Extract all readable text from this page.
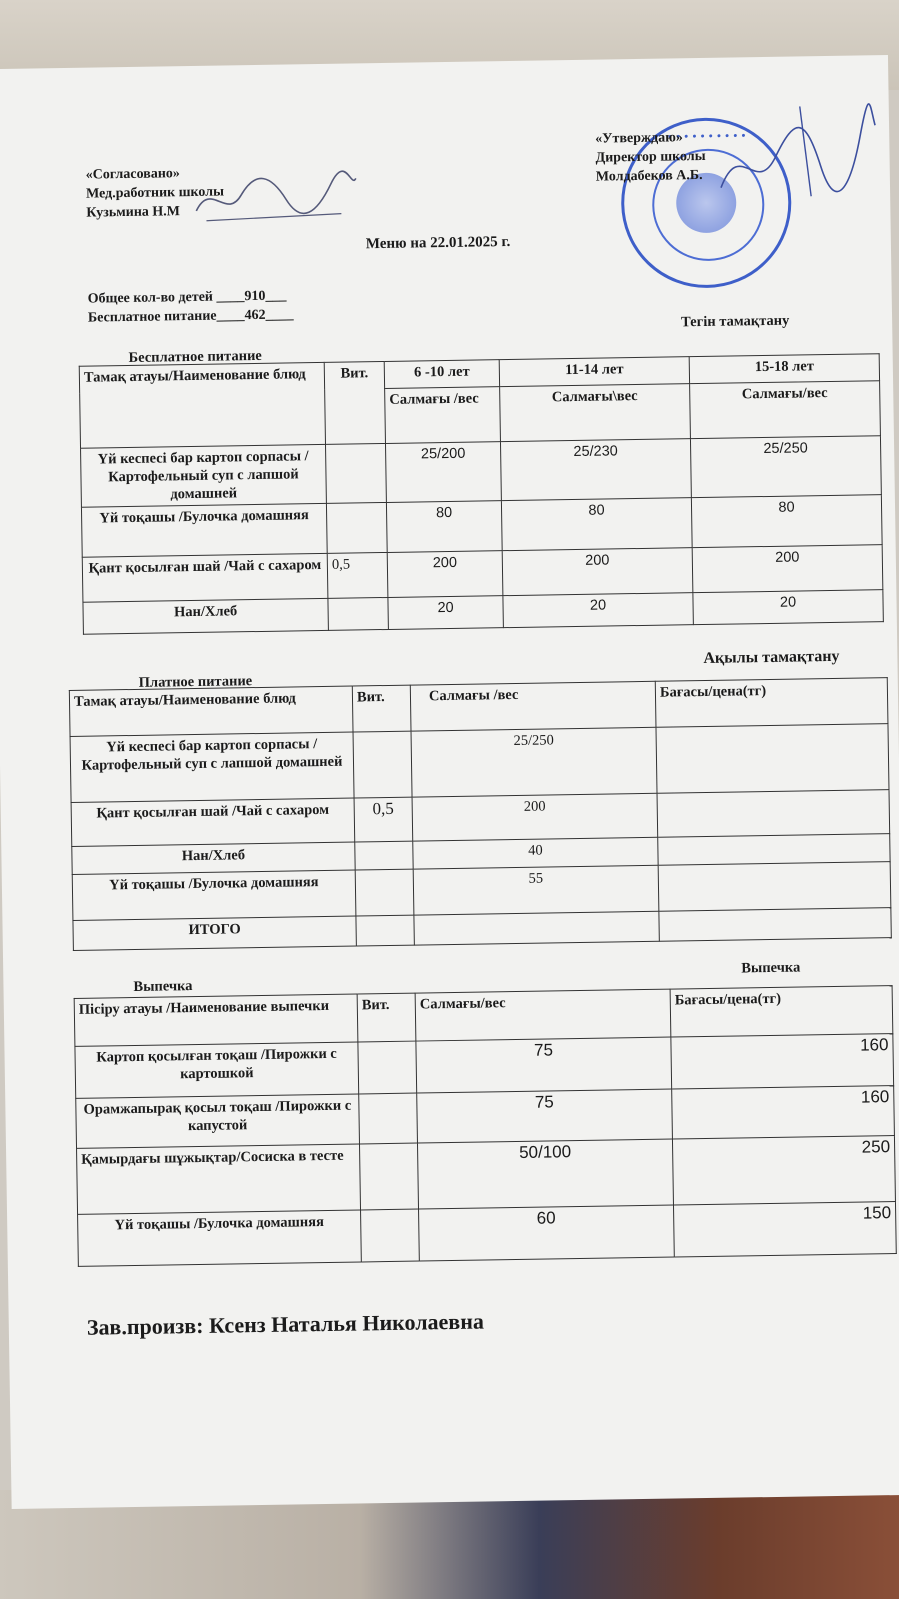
«Согласовано»
Мед.работник школы
Кузьмина Н.М
● ● ● ● ● ● ● ● ● ●
«Утверждаю»
Директор школы
Молдабеков А.Б.
Меню на 22.01.2025 г.
Общее кол-во детей ____910___
Бесплатное питание____462____
Бесплатное питание
Тегін тамақтану
Тамақ атауы/Наименование блюд	Вит.	6 -10 лет	11-14 лет	15-18 лет
		Салмағы /вес	Салмағы\вес	Салмағы/вес
Үй кеспесі бар картоп сорпасы /Картофельный суп с лапшой домашней		25/200	25/230	25/250
Үй тоқашы /Булочка домашняя		80	80	80
Қант қосылған шай /Чай с сахаром	0,5	200	200	200
Нан/Хлеб		20	20	20
Платное питание
Ақылы тамақтану
Тамақ атауы/Наименование блюд	Вит.	Салмағы /вес	Бағасы/цена(тг)
Үй кеспесі бар картоп сорпасы /Картофельный суп с лапшой домашней		25/250	
Қант қосылған шай /Чай с сахаром	0,5	200	
Нан/Хлеб		40	
Үй тоқашы /Булочка домашняя		55	
ИТОГО			
Выпечка
Выпечка
Пісіру атауы /Наименование выпечки	Вит.	Салмағы/вес	Бағасы/цена(тг)
Картоп қосылған тоқаш /Пирожки с картошкой		75	160
Орамжапырақ қосыл тоқаш /Пирожки с капустой		75	160
Қамырдағы шұжықтар/Сосиска в тесте		50/100	250
Үй тоқашы /Булочка домашняя		60	150
Зав.произв: Ксенз Наталья Николаевна
